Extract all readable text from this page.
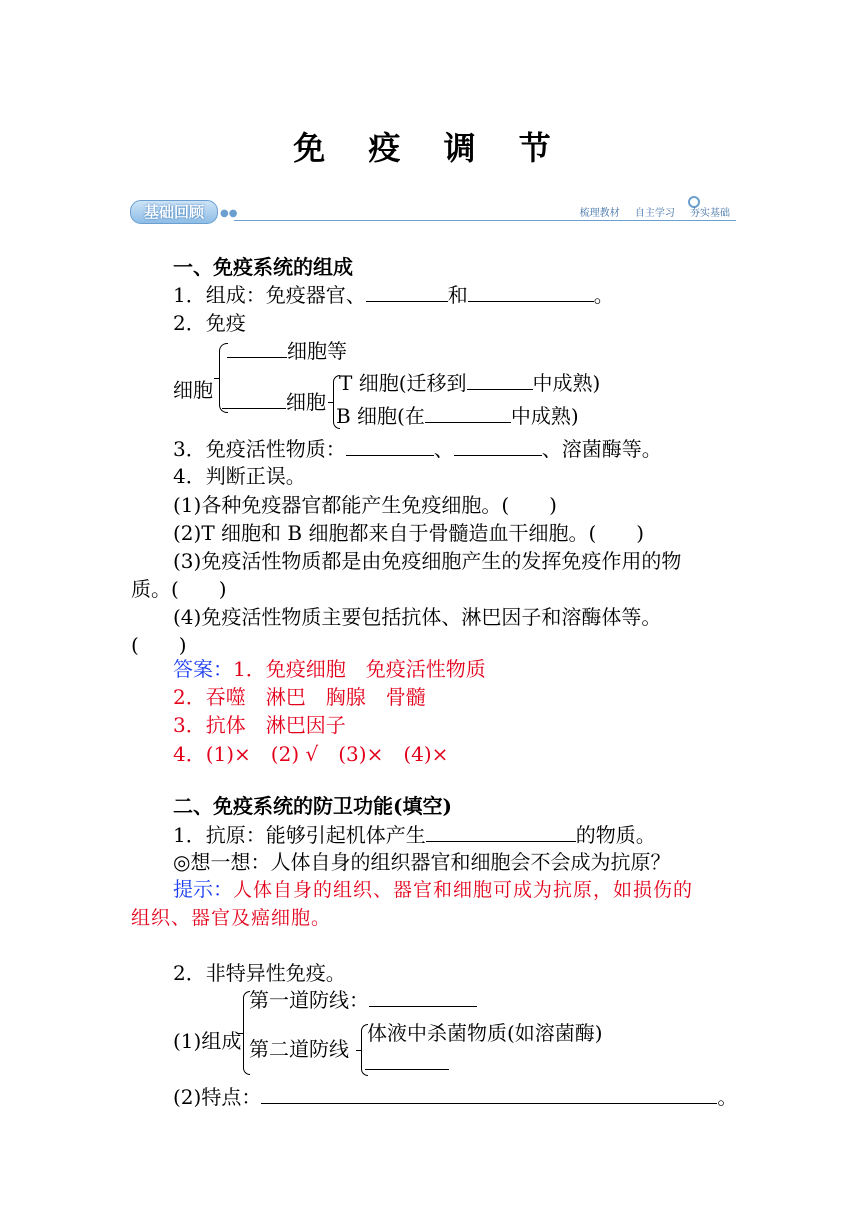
免 疫 调 节
基础回顾	●●	梳理教材 自主学习 夯实基础
一、免疫系统的组成
1．组成：免疫器官、	和	。
2．免疫
细胞
细胞等
细胞
T 细胞(迁移到	中成熟)
B 细胞(在	中成熟)
3．免疫活性物质：	、	、溶菌酶等。
4．判断正误。
(1)各种免疫器官都能产生免疫细胞。(　　)
(2)T 细胞和 B 细胞都来自于骨髓造血干细胞。(　　)
(3)免疫活性物质都是由免疫细胞产生的发挥免疫作用的物
质。(　　)
(4)免疫活性物质主要包括抗体、淋巴因子和溶酶体等。
(　　)
答案：1．免疫细胞　免疫活性物质
2．吞噬　淋巴　胸腺　骨髓
3．抗体　淋巴因子
4．(1)×　(2) √　(3)×　(4)×
二、免疫系统的防卫功能(填空)
1．抗原：能够引起机体产生	的物质。
◎想一想：人体自身的组织器官和细胞会不会成为抗原？
提示：人体自身的组织、器官和细胞可成为抗原，如损伤的
组织、器官及癌细胞。
2．非特异性免疫。
(1)组成
第一道防线：
第二道防线
体液中杀菌物质(如溶菌酶)
(2)特点：	。
